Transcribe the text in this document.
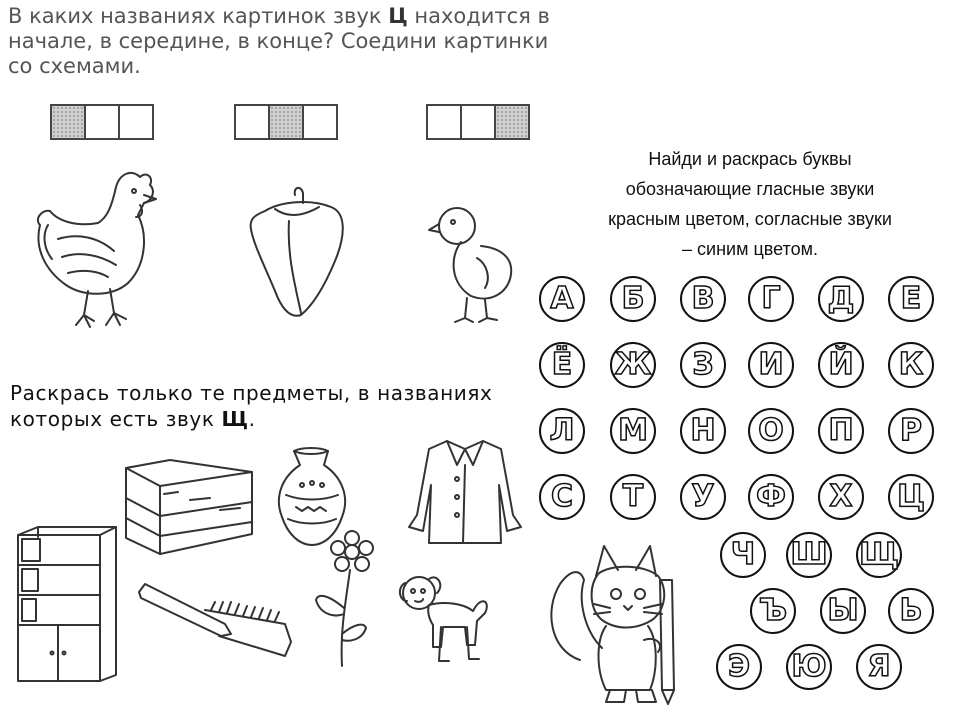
В каких названиях картинок звук Ц находится в
начале, в середине, в конце? Соедини картинки
со схемами.
Раскрась только те предметы, в названиях
которых есть звук Щ.
Найди и раскрась буквы
обозначающие гласные звуки
красным цветом, согласные звуки
– синим цветом.
А Б В Г Д Е
Ё Ж З И Й К
Л М Н О П Р
С Т У Ф Х Ц
Ч Ш Щ
Ъ Ы Ь
Э Ю Я
